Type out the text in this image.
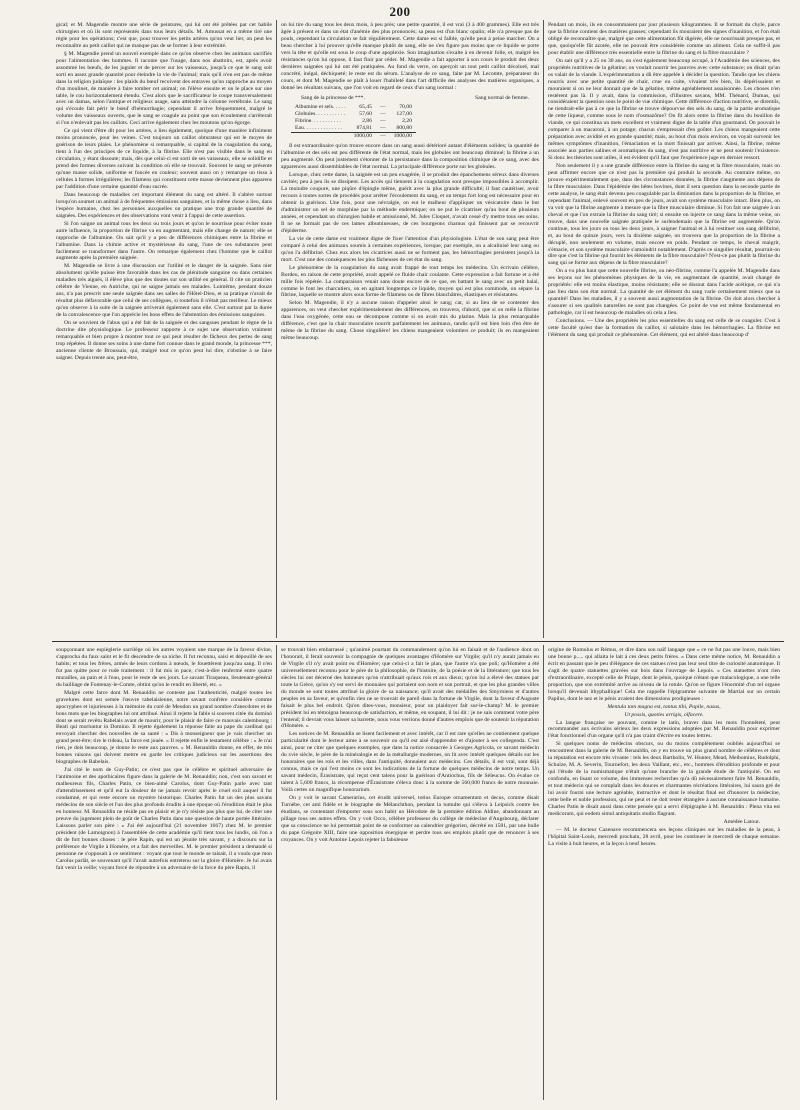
200

gical; et M. Magendie montre une série de peintures, qui lui ont été prêtées par cet habile chirurgien et où ils sont représentés dans tous leurs détails. M. Amussat en a même tiré une règle pour les opérations; c'est que, pour trouver les petits artères qu'on veut lier, on peut les reconnaître au petit caillot qui ne manque pas de se former à leur extrémité.

§ M. Magendie prend un nouvel exemple dans ce qu'on observe chez les animaux sacrifiés pour l'alimentation des hommes. Il raconte que l'usage, dans nos abattoirs, est, après avoir assommé les bœufs, de les juguler et de percer sur les vaisseaux, jusqu'à ce que le sang soit sorti en assez grande quantité pour éteindre la vie de l'animal; mais qu'il n'en est pas de même dans la religion judaïque : les plaids du bœuf recoivent des entraves qu'on rapproche au moyen d'un moulinet, de manière à faire tomber cet animal; on l'élève ensuite et on le place sur une table, le cou horizontalement étendu. C'est alors que le sacrificateur le coupe transversalement avec un damas, selon l'antique et religieux usage, sans atteindre la colonne vertébrale. Le sang qui s'écoule fait périr le bœuf d'hémorrhagie; cependant il arrive fréquemment, malgré le volume des vaisseaux ouverts, que le sang se coagule au point que son écoulement s'arrêterait si l'on n'enlevait pas les caillots. Ceci arrive également chez les moutons qu'on égorge.

Ce qui vient d'être dit pour les artères, a lieu également, quoique d'une manière infiniment moins prononcée, pour les veines. C'est toujours un caillot obturateur qui est le moyen de guérison de leurs plaies. Le phénomène si remarquable, si capital de la coagulation du sang, tient à l'un des principes de ce liquide, à la fibrine. Elle n'est pas visible dans le sang en circulation, y étant dissoute; mais, dès que celui-ci est sorti de ses vaisseaux, elle se solidifie et prend des formes diverses suivant la condition où elle se trouvait. Souvent le sang se présente qu'une masse solide, uniforme et foncée en couleur; souvent aussi on y remarque un tissu à cellules à formes irrégulières; les filamens qui constituent cette masse deviennent plus apparens par l'addition d'une certaine quantité d'eau sucrée.

Dans beaucoup de maladies cet important élément du sang est altéré. Il s'altère surtout lorsqu'on soumet un animal à de fréquentes émissions sanguines, et la même chose a lieu, dans l'espèce humaine, chez les personnes auxquelles on pratique une trop grande quantité de saignées. Des expériences et des observations vont venir à l'appui de cette assertion.

Si l'on saigne un animal tous les deux ou trois jours et qu'on le nourrisse pour éviter toute autre influence, la proportion de fibrine va en augmentant, mais elle change de nature; elle se rapproche de l'albumine. On sait qu'il y a peu de différences chimiques entre la fibrine et l'albumine. Dans la chimie active et mystérieuse du sang, l'une de ces substances peut facilement se transformer dans l'autre. On remarque également chez l'homme que le caillot augmente après la première saignée.

M. Magendie se livre à une discussion sur l'utilité et le danger de la saignée. Sans nier absolument qu'elle puisse être favorable dans les cas de plénitude sanguine ou dans certaines maladies très aiguës, il élève plus que des doutes sur son utilité en général. Il cite un praticien célèbre de Vienne, en Autriche, qui ne saigne jamais ses malades. Luimême, pendant douze ans, n'a pas prescrit une seule saignée dans ses salles de l'Hôtel-Dieu, et sa pratique n'avait de résultat plus défavorable que celui de ses collègues, si toutefois il n'était pas meilleur. Le mieux qu'on observe à la suite de la saignée arriverait également sans elle. C'est surtout par la durée de la convalescence que l'on apprécie les bons effets de l'abstention des émissions sanguines.

On se souvient de l'abus qui a été fait de la saignée et des sangsues pendant le règne de la doctrine dite physiologique. Le professeur rapporte à ce sujet une observation vraiment remarquable et bien propre à montrer tout ce qui peut résulter de fâcheux des pertes de sang trop répétées. Il donne ses soins à une dame fort connue dans le grand monde, la princesse ***, ancienne cliente de Broussais, qui, malgré tout ce qu'on peut lui dire, s'obstine à se faire saigner. Depuis trente ans, peut-être,

on lui tire du sang tous les deux mois, à peu près; une petite quantité, il est vrai (3 à 400 grammes). Elle est très âgée à présent et dans un état d'anémie des plus prononcés; sa peau est d'un blanc opalin; elle n'a presque pas de pouls, cependant la circulation se fait régulièrement. Cette dame est si faible, qu'elle peut à peine marcher. On a beau chercher à lui prouver qu'elle manque plutôt de sang, elle ne s'en figure pas moins que ce liquide se porte vers la tête et qu'elle est sous le coup d'une apoplexie. Son imagination s'exalte à en devenir folle, et, malgré les résistances qu'on lui oppose, il faut finir par céder. M. Magendie a fait apporter à son cours le produit des deux dernières saignées qui lui ont été pratiquées. Au fond du verre, on aperçoit un tout petit caillot décoloré, mal concrété, inégal, déchiqueté; le reste est du sérum. L'analyse de ce sang, faite par M. Lecomte, préparateur du cours, et dont M. Magendie se plaît à louer l'habileté dans l'art difficile des analyses des matières organiques, a donné les résultats suivans, que l'on voit en regard de ceux d'un sang normal :

Sang de la princesse de ***.	Sang normal de femme.
Albumine et sels. . . . .	65,45	—	70,00
Globules. . . . . . . . . . .	57,60	—	127,00
Fibrine. . . . . . . . . . .	2,86	—	2,20
Eau. . . . . . . . . . . . . .	874,81	—	800,80
	1000,00	—	1000,00

Il est extraordinaire qu'on trouve encore dans un sang aussi détérioré autant d'éléments solides; la quantité de l'albumine et des sels est peu différente de l'état normal, mais les globules ont beaucoup diminué; la fibrine a un peu augmenté. On peut justement s'étonner de la persistance dans la composition chimique de ce sang, avec des apparences aussi dissemblables de l'état normal. La principale différence porte sur les globules.

Lorsque, chez cette dame, la saignée est un peu exagérée, il se produit des épanchemens séreux dans diverses cavités; peu à peu ils se dissipent. Les accès qui tiennent à la coagulation sont presque impossibles à accomplir. La moindre coupure, une piqûre d'épingle même, guérit avec la plus grande difficulté; il faut cautériser, avoir recours à toutes sortes de procédés pour arrêter l'écoulement du sang, et un temps fort long est nécessaire pour en obtenir la guérison. Une fois, pour une névralgie, on eut le malheur d'appliquer un vésicatoire dans le but d'administrer un sel de morphine par la méthode endermique; on ne put le cicatriser qu'au bout de plusieurs années, et cependant un chirurgien habile et amissionné, M. Jules Cloquet, n'avait cessé d'y mettre tous ses soins. Il ne se formait pas de ces lames albumineuses, de ces bourgeons charnus qui finissent par se recouvrir d'épiderme.

La vie de cette dame est vraiment digne de fixer l'attention d'un physiologiste. L'état de son sang peut être comparé à celui des animaux soumis à certaines expériences, lorsque, par exemple, on a alcalinisé leur sang ou qu'on l'a défibriné. Chez eux alors les cicatrices aussi ne se forment pas, les hémorrhagies persistent jusqu'à la mort. C'est une des conséquences les plus fâcheuses de cet état du sang.

Le phénomène de la coagulation du sang avait frappé de tout temps les médecins. Un écrivain célèbre, Bordeu, en raison de cette propriété, avait appelé ce fluide chair coulante. Cette expression a fait fortune et a été mille fois répétée. La comparaison venait sans doute encore de ce que, en battant le sang avec un petit balai, comme le font les charcutiers, on en agitant longtemps ce liquide, moyen qui est plus commode, on sépare la fibrine, laquelle se montre alors sous forme de filamens ou de fibres blanchâtres, élastiques et résistantes.

Selon M. Magendie, il n'y a aucune raison d'appeler ainsi le sang; car, si au lieu de se contenter des apparences, on veut chercher expérimentalement des différences, on trouvera, d'abord, que si on mêle la fibrine dans l'eau oxygénée, cette eau se décompose comme si on avait mis du platine. Mais la plus remarquable différence, c'est que la chair musculaire nourrit parfaitement les animaux, tandis qu'il est bien loin d'en être de même de la fibrine du sang. Chose singulière! les chiens mangeaient volontiers ce produit; ils en mangeaient même beaucoup.

Pendant un mois, ils en consommaient par jour plusieurs kilogrammes. Il se formait du chyle, parce que la fibrine contient des matières grasses; cependant ils mouraient des signes d'inanition, et l'on était obligé de reconnaître que, malgré que cette alimentation fût digérée, elle ne nourrissait presque pas, et que, quoiqu'elle fût azotée, elle ne pouvait être considérée comme un aliment. Cela ne suffit-il pas pour établir une différence très essentielle entre la fibrine du sang et la fibre musculaire ?

On sait qu'il y a 25 ou 30 ans, on s'est également beaucoup occupé, à l'Académie des sciences, des propriétés nutritives de la gélatine; on voulait nourrir les pauvres avec cette substance; on disait qu'un os valait de la viande. L'expérimentation a dû être appelée à décider la question. Tandis que les chiens nourris avec une petite quantité de chair, crue ou cuite, vivaient très bien, ils dépérissaient et mouraient si on ne leur donnait que de la gélatine, même agréablement assaisonnée. Les choses n'en restèrent pas là. Il y avait, dans la commission, d'illustres savans, MM. Thénard, Dumas, qui considéraient la question sous le point de vue chimique. Cette différence d'action nutritive, se direntils, ne tiendrait-elle pas à ce que la fibrine se trouve dépourvue des sels du sang, de la partie aromatique de cette liqueur, comme sous le nom d'osmazôme? On fit alors entre la fibrine dans du bouillon de viande, ce qui constitua un mets excellent et vraiment digne de la table d'un gourmand. On pouvait le comparer à un macaroni, à un potage; chacun s'empressait d'en goûter. Les chiens mangeaient cette préparation avec avidité et en grande quantité; mais, au bout d'un mois environ, on voyait survenir les mêmes symptômes d'inanition, l'émaciation et la mort finissait par arriver. Ainsi, la fibrine, même associée aux parties salines et aromatiques du sang, n'est pas nutritive et ne peut soutenir l'existence. Si donc les théories sont utiles, il est évident qu'il faut que l'expérience juge en dernier ressort.

Non seulement il y a une grande différence entre la fibrine du sang et la fibre musculaire, mais on peut affirmer encore que ce n'est pas la première qui produit la seconde. Au contraire même, on prouve expérimentalement que, dans des circonstances données, la fibrine s'augmente aux dépens de la fibre musculaire. Dans l'épidémie des bêtes bovines, dont il sera question dans la seconde partie de cette analyse, le sang était devenu peu coagulable par la diminution dans la proportion de la fibrine, et cependant l'animal, enlevé souvent en peu de jours, avait son système musculaire intact. Bien plus, on va voir que la fibrine augmente à mesure que la fibre musculaire diminue. Si l'on fait une saignée à un cheval et que l'on extraie la fibrine du sang tiré; si ensuite on injecte ce sang dans la même veine, on trouve, dans une nouvelle saignée pratiquée le surlendemain que la fibrine est augmentée. Qu'on continue, tous les jours ou tous les deux jours, à saigner l'animal et à lui restituer son sang défibriné, et, au bout de quinze jours, vers la dixième saignée, on trouvera que la proportion de la fibrine a décuplé, non seulement en volume, mais encore en poids. Pendant ce temps, le cheval maigrit, s'émacie, et son système musculaire s'amoindrit notablement. D'après ce singulier résultat, pourrait-on dire que c'est la fibrine qui fournit les éléments de la fibre musculaire? N'est-ce pas plutôt la fibrine du sang qui se forme aux dépens de la fibre musculaire?

On a vu plus haut que cette nouvelle fibrine, ou néo-fibrine, comme l'a appelée M. Magendie dans ses leçons sur les phénomènes physiques de la vie, en augmentant de quantité, avait changé de propriétés: elle est moins élastique, moins résistante; elle se dissout dans l'acide acétique, ce qui n'a pas lieu dans son état normal. La quantité de cet élément du sang varie certainement mieux que sa quantité! Dans les maladies, il y a souvent aussi augmentation de la fibrine. On doit alors chercher à s'assurer si ses qualités naturelles ne sont pas changées. Ce point de vue est même fondamental en pathologie, car il est beaucoup de maladies où cela a lieu.

Conclusions. — Une des propriétés les plus essentielles du sang est celle de se coaguler. C'est à cette faculté qu'est due la formation du caillot, si salutaire dans les hémorrhagies. La fibrine est l'élément du sang qui produit ce phénomène. Cet élément, qui est altéré dans beaucoup d'

soupçonnant une espièglerie sacrilège où les autres voyaient une marque de la faveur divine, s'approcha du faux saint et le fit descendre de sa niche. Il fut reconnu, saisi et dépouillé de ses habits; et tous les frères, armés de leurs cordons à nœuds, le fouettèrent jusqu'au sang. Il n'en fut pas quitte pour ce rude traitement : il fut mis in pace, c'est-à-dire renfermé entre quatre murailles, au pain et à l'eau, pour le reste de ses jours. Le savant Tiraqueau, lieutenant-général du bailliage de Fontenay-le-Comte, obtint qu'on le rendit en liberté, etc. »

Malgré cette farce dont M. Renauldin ne conteste pas l'authenticité, malgré toutes les gravelures dont est semée l'œuvre rabelaisienne, notre savant confrère considère comme apocryphes et injurieuses à la mémoire du curé de Meudon un grand nombre d'anecdotes et de bons mots que les biographes lui ont attribué. Ainsi il rejette la fable si souvent citée du dominó dont se serait revêtu Rabelais avant de mourir, pour le plaisir de faire ce mauvais calembourg : Beati qui moriuntur in Domino. Il rejette également la réponse faite au pape du cardinal qui envoyait chercher des nouvelles de sa santé : « Dis à monseigneur que je vais chercher un grand peut-être; tire le rideau, la farce est jouée. » Il rejette enfin le testament célèbre : « Je n'ai rien, je dois beaucoup, je donne le reste aux pauvres. » M. Renauldin donne, en effet, de très bonnes raisons qui doivent mettre en garde les critiques judicieux sur les assertions des biographes de Rabelais.

J'ai cité le nom de Guy-Patin; ce n'est pas que le célèbre et spirituel adversaire de l'antimoine et des apothicaires figure dans la galerie de M. Renauldin; non, c'est son savant et malheureux fils, Charles Patin, ce bien-aimé Carolus, dont Guy-Patin parle avec tant d'attendrissement et qu'il eut la douleur de ne jamais revoir après le cruel exil auquel il fut condamné, et qui reste encore un mystère historique. Charles Patin fut un des plus savans médecins de son siècle et l'un des plus profonds érudits à une époque où l'érudition était le plus en honneur. M. Renauldin ne réside pas en plaisir et je n'y résiste pas plus que lui, de citer une preuve du jugement plein de goût de Charles Patin dans une question de haute portée littéraire. Laissons parler son père : « J'ai été aujourd'hui (21 novembre 1667) chez M. le premier président (de Lamoignon) à l'assemblée de cette académie qu'il tient tous les lundis, où l'on a dit de fort bonnes choses : le père Rapin, qui est un jésuite très savant, y a discouru sur la préférence de Virgile à Homère, et a fait des merveilles. M. le premier président a demandé si personne ne s'opposait à ce sentiment : voyant que tout le monde se taisait, il a voulu que mon Carolus parlât, se souvenant qu'il l'avait autrefois entretenu sur la gloire d'Homère. Je lui avais fait venir la veille; voyant forcé de répondre à un adversaire de la force du père Rapin, il

se trouvait bien embarrassé ; qu'animé pourtant du commandement qu'on lui en faisait et de l'audience dont on l'honorait, il ferait souvenir la compagnie de quelques avantages d'Homère sur Virgile; qu'il n'y aurait jamais eu de Virgile s'il n'y avait point eu d'Homère; que celui-ci a fait le plan, que l'autre n'a que poli; qu'Homère a été universellement reconnu pour le père de la philosophie, de l'histoire, de la poésie et de la littérature; que tous les siècles lui ont décerné des honneurs qu'on n'attribuait qu'aux rois et aux dieux; qu'on lui a élevé des statues par toute la Grèce, qu'on s'y est servi de monnaies qui portaient son nom et son portrait, et que les plus grandes villes du monde se sont toutes attribué la gloire de sa naissance; qu'il avait des médailles des Smyrniens et d'autres peuples en sa faveur, et qu'enfin rien ne se trouvait de pareil dans la fortune de Virgile, dont la faveur d'Auguste faisait le plus bel endroit. Qu'en dites-vous, monsieur, pour un plaidoyer fait sur-le-champ? M. le premier président lui en témoigna beaucoup de satisfaction, et même, en soupant, il lui dit : je ne sais comment votre père l'entend; il devrait vous laisser sa barrette, nous vous verrions donné d'autres emplois que de soutenir la réputation d'Homère. »

Les notices de M. Renauldin se lisent facilement et avec intérêt, car il est rare qu'elles ne contiennent quelque particularité dont le lecteur aime à se souvenir ou qu'il est aisé d'apprendre et d'ajouter à ses collegenda. C'est ainsi, pour ne citer que quelques exemples, que dans la notice consacrée à Georges Agricola, ce savant médecin du xvie siècle, le père de la minéralogie et de la métallurgie modernes, on lit avec intérêt quelques détails sur les honoraires que les rois et les villes, dans l'antiquité, donnaient aux médecins. Ces détails, il est vrai, sont déjà connus, mais ce qui l'est moins ce sont les indications de la fortune de quelques médecins de notre temps. Un savant médecin, Érasistrate, qui reçut cent talens pour la guérison d'Antiochus, fils de Séleucus. On évalue ce talent à 5,600 francs, la récompense d'Érasistrate s'éleva donc à la somme de 560,000 francs de notre monnaie. Voilà certes un magnifique honorarium.

On y voit le savant Camerarius, cet érudit universel, totius Europæ ornamentum et decus, comme disait Turnèbe, cet ami fidèle et le biographe de Mélanchthon, pendant la tumulte qui s'éleva à Leipsick contre les étudians, se contentant d'emporter sous son habit un Hérodote de la première édition Aldine, abandonnant au pillage tous ses autres effets. On y voit Occo, célèbre professeur du collège de médecine d'Augsbourg, déclarer que sa conscience ne lui permettait point de se conformer au calendrier grégorien, décrété en 1581, par une bulle du pape Grégoire XIII, faire une opposition énergique et perdre tous ses emplois plutôt que de renoncer à ses croyances. On y voit Antoine Lepois rejeter la fabuleuse

origine de Romulus et Rémus, et dire dans son naïf langage que « ce ne fut pas une louve, mais bien une bonne p..... qui allaita le lait à ces deux petits frères. » Dans cette même notice, M. Renauldin a écrit en passant que le peu d'élégance de ces statues n'est pas leur seul titre de curiosité anatomique. Il s'agit de quatre statuettes gravées sur bois dans l'ouvrage de Lepois. « Ces statuettes n'ont rien d'extraordinaire, excepté celle de Priape, dont le pénis, quoique n'étant que malacologique, a une telle proportion, que son extrémité arrive au niveau de la rotule. Qu'on se figure l'énormité d'un tel organe lorsqu'il devenait ithyphallique! Cela me rappelle l'épigramme suivante de Martial sur un certain Papilus, dont le nez et le pénis avaient des dimensions prodigieuses :

Mentula tam magna est, tantus tibi, Papile, nasus,

Ut possis, quoties arrigis, olfacere.

La langue française ne pouvant, comme le latin, braver dans les mots l'honnêteté, peut recommander aux écrivains sérieux les deux expressions adoptées par M. Renauldin pour exprimer l'état fonctionnel d'un organe qu'il n'a pas craint d'écrire en toutes lettres.

Si quelques noms de médecins obscurs, ou du moins complètement oubliés aujourd'hui se rencontrent dans la galerie de M. Renauldin, on y en trouve un plus grand nombre de célèbres et dont la réputation est encore très vivante : tels les deux Bartholin, W. Hunter, Mead, Meibomius, Rudolphi, Schulze, M. A. Severin, Tournefort, les deux Vaillant, etc., etc., hommes d'érudition profonde et pour qui l'étude de la numismatique n'était qu'une branche de la grande étude de l'antiquité. On est confondu, en lisant ce volume, des immenses recherches qu'a dû nécessairement faire M. Renauldin, et tout médecin qui se complaît dans les douces et charmantes récréations littéraires, lui saura gré de lui avoir fourni une lecture agréable, instructive et dont le résultat final est d'honorer la médecine, cette belle et noble profession, qui ne peut et ne doit rester étrangère à aucune connaissance humaine. Charles Patin le disait aussi dans cette pensée qui a servi d'épigraphe à M. Renauldin : Plena vita est medicorum, qui eodem simul antiquitatis studio flagrant.

Amédée Latour.

— M. le docteur Cazenave recommencera ses leçons cliniques sur les maladies de la peau, à l'hôpital Saint-Louis, mercredi prochain, 28 avril, pour les continuer le mercredi de chaque semaine. La visite à huit heures, et la leçon à neuf heures.
